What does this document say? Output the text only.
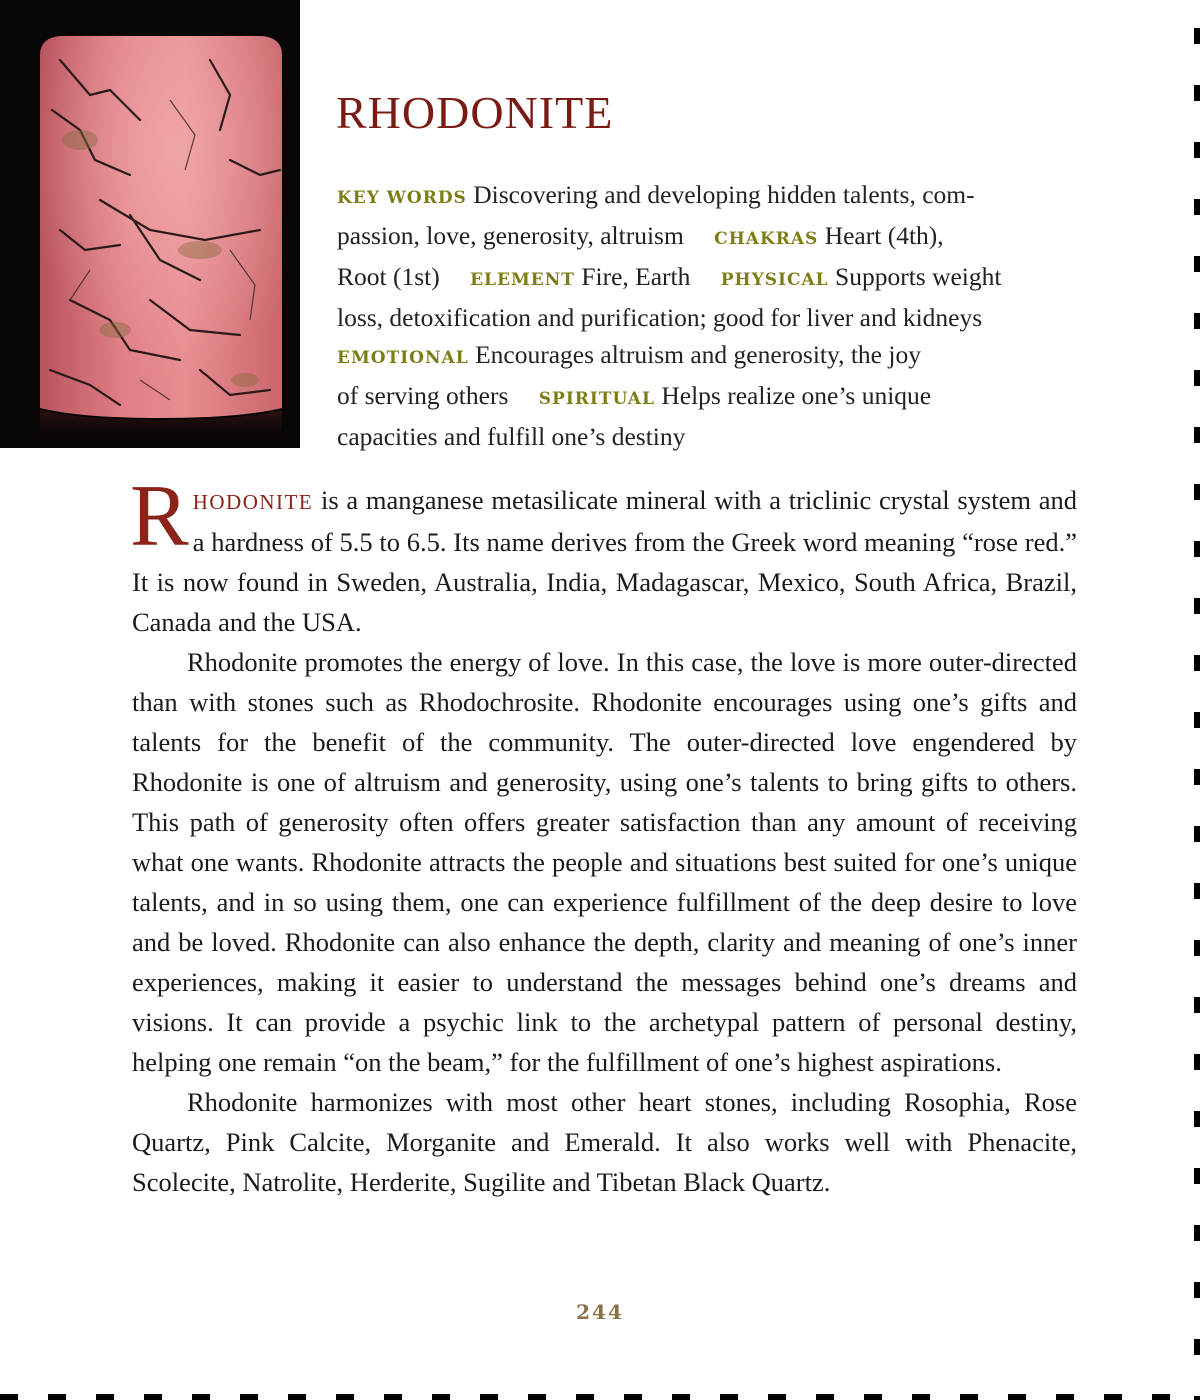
RHODONITE
KEY WORDS Discovering and developing hidden talents, com-
passion, love, generosity, altruism CHAKRAS Heart (4th),
Root (1st) ELEMENT Fire, Earth PHYSICAL Supports weight
loss, detoxification and purification; good for liver and kidneys
EMOTIONAL Encourages altruism and generosity, the joy
of serving others SPIRITUAL Helps realize one’s unique
capacities and fulfill one’s destiny

RHODONITE is a manganese metasilicate mineral with a triclinic crystal system and a hardness of 5.5 to 6.5. Its name derives from the Greek word meaning “rose red.” It is now found in Sweden, Australia, India, Madagascar, Mexico, South Africa, Brazil, Canada and the USA.

Rhodonite promotes the energy of love. In this case, the love is more outer-directed than with stones such as Rhodochrosite. Rhodonite encourages using one’s gifts and talents for the benefit of the community. The outer-directed love engendered by Rhodonite is one of altruism and generosity, using one’s talents to bring gifts to others. This path of generosity often offers greater satisfaction than any amount of receiving what one wants. Rhodonite attracts the people and situations best suited for one’s unique talents, and in so using them, one can experience fulfillment of the deep desire to love and be loved. Rhodonite can also enhance the depth, clarity and meaning of one’s inner experiences, making it easier to understand the messages behind one’s dreams and visions. It can provide a psychic link to the archetypal pattern of personal destiny, helping one remain “on the beam,” for the fulfillment of one’s highest aspirations.

Rhodonite harmonizes with most other heart stones, including Rosophia, Rose Quartz, Pink Calcite, Morganite and Emerald. It also works well with Phenacite, Scolecite, Natrolite, Herderite, Sugilite and Tibetan Black Quartz.

244
